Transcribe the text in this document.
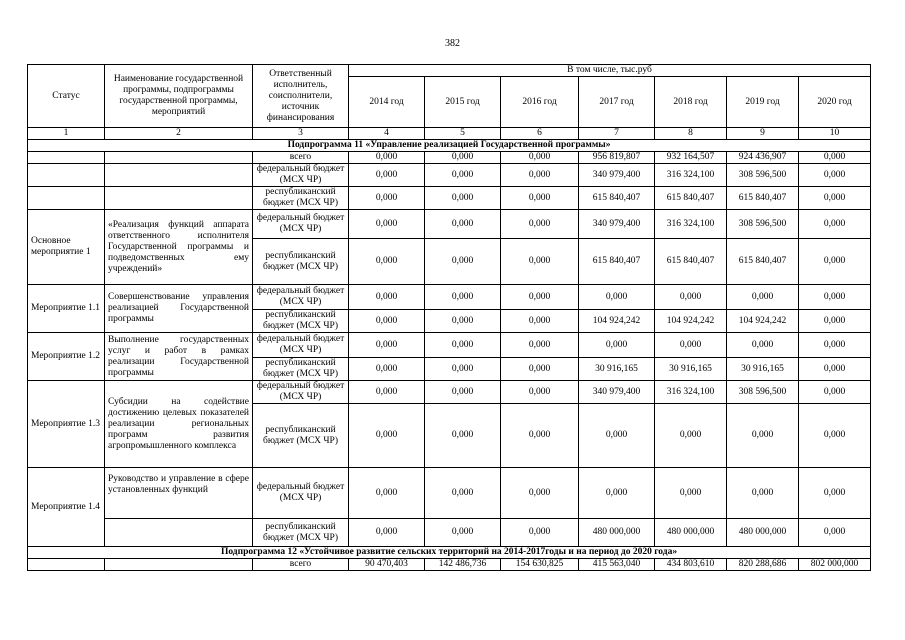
382
Статус	Наименование государственной программы, подпрограммы государственной программы, мероприятий	Ответственный исполнитель, соисполнители, источник финансирования	В том числе, тыс.руб						
			2014 год	2015 год	2016 год	2017 год	2018 год	2019 год	2020 год
1	2	3	4	5	6	7	8	9	10
Подпрограмма 11 «Управление реализацией Государственной программы»									
		всего	0,000	0,000	0,000	956 819,807	932 164,507	924 436,907	0,000
		федеральный бюджет (МСХ ЧР)	0,000	0,000	0,000	340 979,400	316 324,100	308 596,500	0,000
		республиканский бюджет (МСХ ЧР)	0,000	0,000	0,000	615 840,407	615 840,407	615 840,407	0,000
Основное мероприятие 1	«Реализация функций аппарата ответственного исполнителя Государственной программы и подведомственных ему учреждений»	федеральный бюджет (МСХ ЧР)	0,000	0,000	0,000	340 979,400	316 324,100	308 596,500	0,000
		республиканский бюджет (МСХ ЧР)	0,000	0,000	0,000	615 840,407	615 840,407	615 840,407	0,000
Мероприятие 1.1	Совершенствование управления реализацией Государственной программы	федеральный бюджет (МСХ ЧР)	0,000	0,000	0,000	0,000	0,000	0,000	0,000
		республиканский бюджет (МСХ ЧР)	0,000	0,000	0,000	104 924,242	104 924,242	104 924,242	0,000
Мероприятие 1.2	Выполнение государственных услуг и работ в рамках реализации Государственной программы	федеральный бюджет (МСХ ЧР)	0,000	0,000	0,000	0,000	0,000	0,000	0,000
		республиканский бюджет (МСХ ЧР)	0,000	0,000	0,000	30 916,165	30 916,165	30 916,165	0,000
Мероприятие 1.3	Субсидии на содействие достижению целевых показателей реализации региональных программ развития агропромышленного комплекса	федеральный бюджет (МСХ ЧР)	0,000	0,000	0,000	340 979,400	316 324,100	308 596,500	0,000
		республиканский бюджет (МСХ ЧР)	0,000	0,000	0,000	0,000	0,000	0,000	0,000
Мероприятие 1.4	Руководство и управление в сфере установленных функций	федеральный бюджет (МСХ ЧР)	0,000	0,000	0,000	0,000	0,000	0,000	0,000
		республиканский бюджет (МСХ ЧР)	0,000	0,000	0,000	480 000,000	480 000,000	480 000,000	0,000
Подпрограмма 12 «Устойчивое развитие сельских территорий на 2014-2017годы и на период до 2020 года»									
		всего	90 470,403	142 486,736	154 630,825	415 563,040	434 803,610	820 288,686	802 000,000
